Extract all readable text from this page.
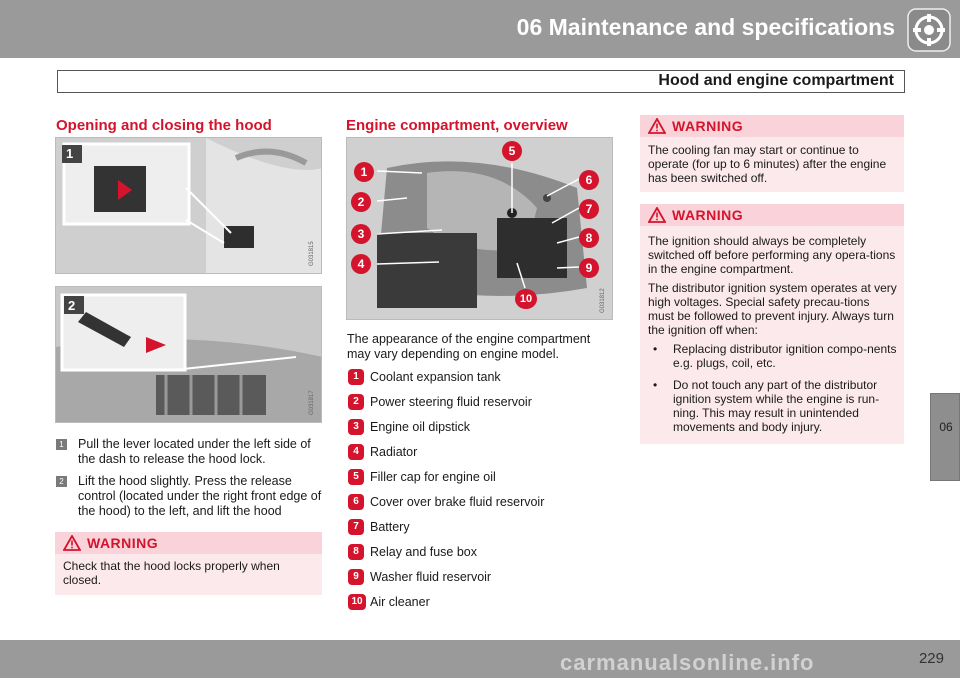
06 Maintenance and specifications
Hood and engine compartment
06
Opening and closing the hood
1
G031815
2
G031817
1	Pull the lever located under the left side of the dash to release the hood lock.
2	Lift the hood slightly. Press the release control (located under the right front edge of the hood) to the left, and lift the hood
WARNING
Check that the hood locks properly when closed.
Engine compartment, overview
1
2
3
4
5
6
7
8
9
10	G031812
The appearance of the engine compartment may vary depending on engine model.
1 Coolant expansion tank
2 Power steering fluid reservoir
3 Engine oil dipstick
4 Radiator
5 Filler cap for engine oil
6 Cover over brake fluid reservoir
7 Battery
8 Relay and fuse box
9 Washer fluid reservoir
10 Air cleaner
WARNING
The cooling fan may start or continue to operate (for up to 6 minutes) after the engine has been switched off.
WARNING
The ignition should always be completely switched off before performing any opera-tions in the engine compartment.
The distributor ignition system operates at very high voltages. Special safety precau-tions must be followed to prevent injury. Always turn the ignition off when:
•	Replacing distributor ignition compo-nents e.g. plugs, coil, etc.
•	Do not touch any part of the distributor ignition system while the engine is run-ning. This may result in unintended movements and body injury.
229
carmanualsonline.info
